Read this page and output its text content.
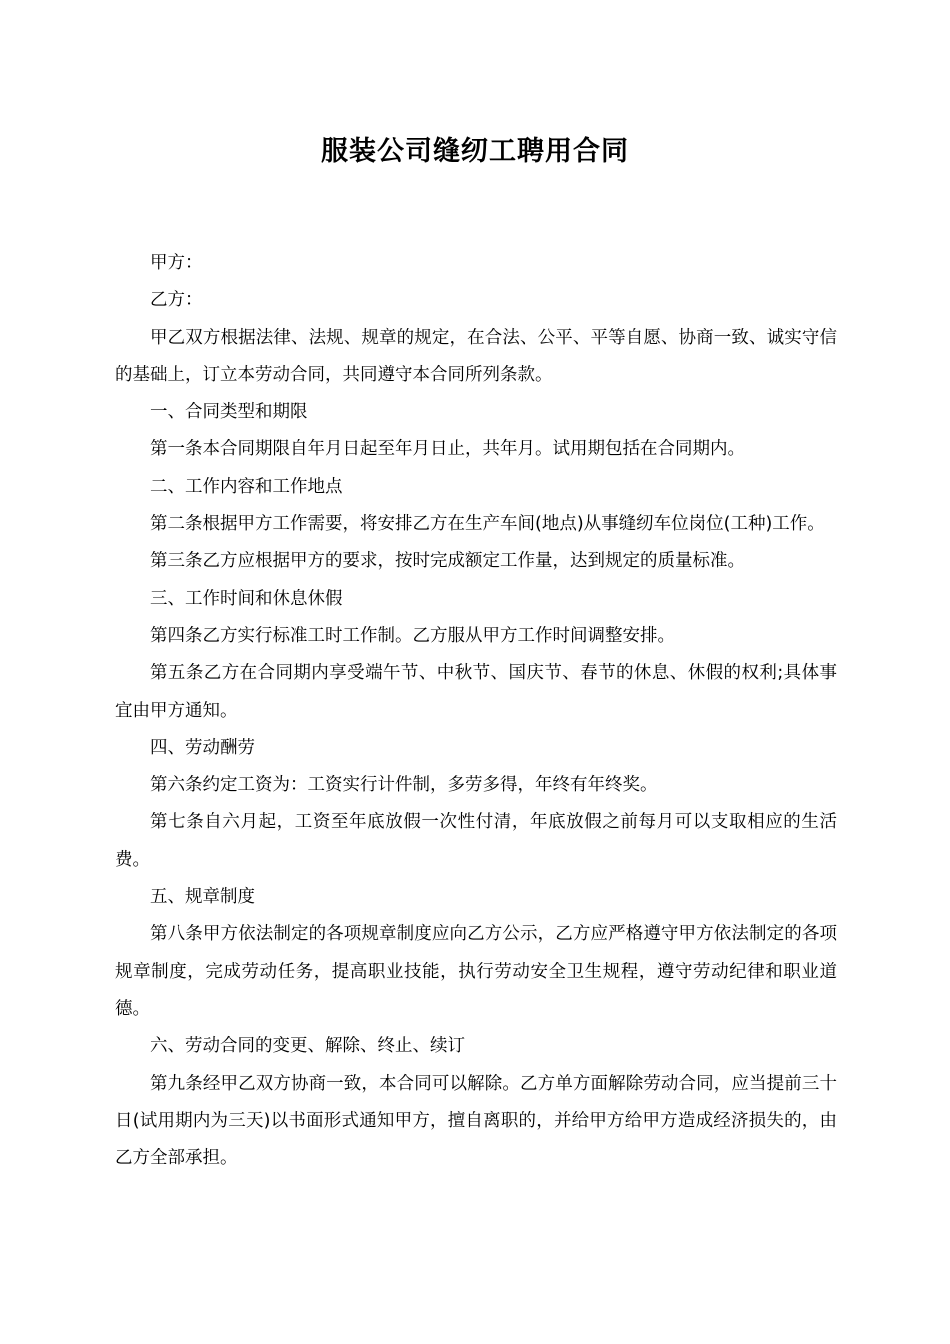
服装公司缝纫工聘用合同

甲方：

乙方：

甲乙双方根据法律、法规、规章的规定，在合法、公平、平等自愿、协商一致、诚实守信的基础上，订立本劳动合同，共同遵守本合同所列条款。

一、合同类型和期限

第一条本合同期限自年月日起至年月日止，共年月。试用期包括在合同期内。

二、工作内容和工作地点

第二条根据甲方工作需要，将安排乙方在生产车间(地点)从事缝纫车位岗位(工种)工作。

第三条乙方应根据甲方的要求，按时完成额定工作量，达到规定的质量标准。

三、工作时间和休息休假

第四条乙方实行标准工时工作制。乙方服从甲方工作时间调整安排。

第五条乙方在合同期内享受端午节、中秋节、国庆节、春节的休息、休假的权利;具体事宜由甲方通知。

四、劳动酬劳

第六条约定工资为：工资实行计件制，多劳多得，年终有年终奖。

第七条自六月起，工资至年底放假一次性付清，年底放假之前每月可以支取相应的生活费。

五、规章制度

第八条甲方依法制定的各项规章制度应向乙方公示，乙方应严格遵守甲方依法制定的各项规章制度，完成劳动任务，提高职业技能，执行劳动安全卫生规程，遵守劳动纪律和职业道德。

六、劳动合同的变更、解除、终止、续订

第九条经甲乙双方协商一致，本合同可以解除。乙方单方面解除劳动合同，应当提前三十日(试用期内为三天)以书面形式通知甲方，擅自离职的，并给甲方给甲方造成经济损失的，由乙方全部承担。
